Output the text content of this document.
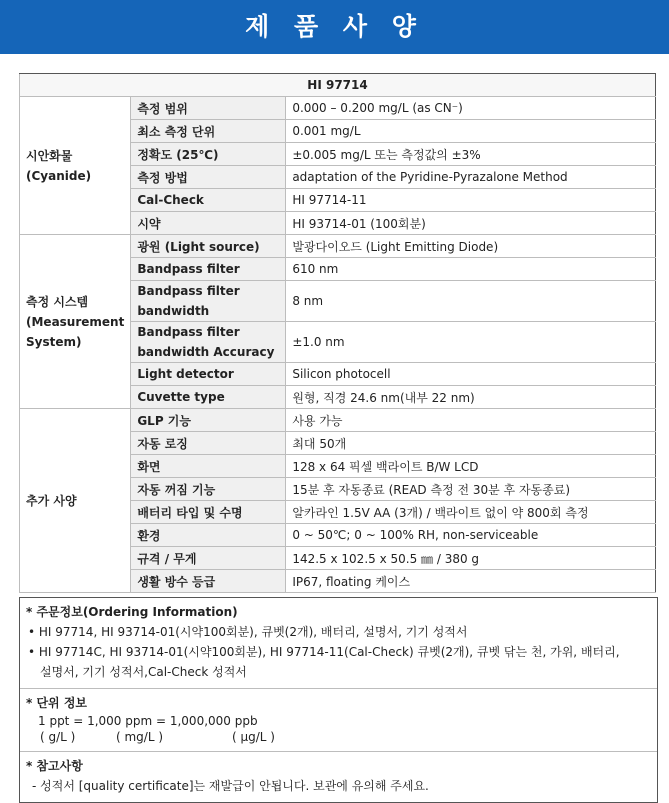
제 품 사 양
HI 97714		

시안화물
(Cyanide)	측정 범위	0.000 – 0.200 mg/L (as CN⁻)
	최소 측정 단위	0.001 mg/L
	정확도 (25℃)	±0.005 mg/L 또는 측정값의 ±3%
	측정 방법	adaptation of the Pyridine-Pyrazalone Method
	Cal-Check	HI 97714-11
	시약	HI 93714-01 (100회분)

측정 시스템
(Measurement System)	광원 (Light source)	발광다이오드 (Light Emitting Diode)
	Bandpass filter	610 nm
	Bandpass filter bandwidth	8 nm
	Bandpass filter bandwidth Accuracy	±1.0 nm
	Light detector	Silicon photocell
	Cuvette type	원형, 직경 24.6 nm(내부 22 nm)

추가 사양	GLP 기능	사용 가능
	자동 로징	최대 50개
	화면	128 x 64 픽셀 백라이트 B/W LCD
	자동 꺼짐 기능	15분 후 자동종료 (READ 측정 전 30분 후 자동종료)
	배터리 타입 및 수명	알카라인 1.5V AA (3개) / 백라이트 없이 약 800회 측정
	환경	0 ~ 50℃; 0 ~ 100% RH, non-serviceable
	규격 / 무게	142.5 x 102.5 x 50.5 ㎜ / 380 g
	생활 방수 등급	IP67, floating 케이스
* 주문정보(Ordering Information)
• HI 97714, HI 93714-01(시약100회분), 큐벳(2개), 배터리, 설명서, 기기 성적서
• HI 97714C, HI 93714-01(시약100회분), HI 97714-11(Cal-Check) 큐벳(2개), 큐벳 닦는 천, 가위, 배터리,
설명서, 기기 성적서,Cal-Check 성적서
* 단위 정보
1 ppt = 1,000 ppm = 1,000,000 ppb
( g/L )	( mg/L )	( μg/L )
* 참고사항
- 성적서 [quality certificate]는 재발급이 안됩니다. 보관에 유의해 주세요.
